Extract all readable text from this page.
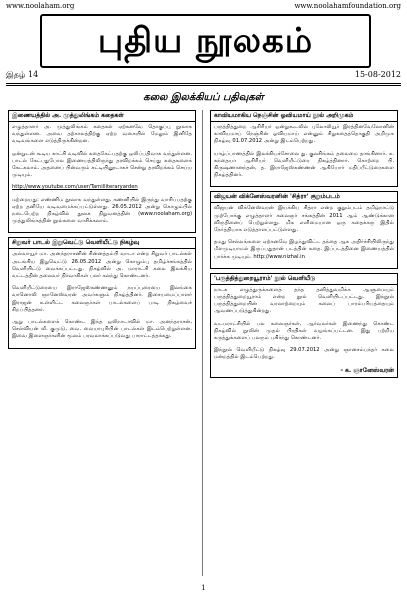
www.noolaham.org	www.noolahamfoundation.org
புதிய நூலகம்
இதழ் 14	15-08-2012
கலை இலக்கியப் பதிவுகள்
இணையத்தில் அ. முத்துலிங்கம் கதைகள்

எழுத்தாளர் அ. முத்துலிங்கம் கதைகள் ஏற்கனவே தொகுப்பு நூலாக வந்துள்ளன. அவை தற்காலத்திற்கு ஏற்ற வகையில் மேலும் இனிதே வடிவங்களை எடுத்திருக்கின்றன.

ஒன்றுடன் கூடிய காட்சி வடிவில் கதைகேட்பதற்கு ஒலிப்பதிவாக வந்துள்ளன. பாடல் கேட்பதுபோல இணையத்திலிருந்து தரவிறக்கம் செய்து கதைகளைக் கேட்கலாம். அதனைப் பின்வரும் சுட்டியினூடாகச் சென்று தரவிறக்கம் செய்ய முடியும்.

http://www.youtube.com/user/Tamilliteraryarden

மற்றையது: எண்ணிம நூலாக வந்துள்ளது. கணனியில் இருந்து வாசிப்பதற்கு ஏற்ற தனியே வடிவமைக்கப்பட்டுள்ளது. 26.05.2012 அன்று கொழும்பில் நடைபெற்ற நிகழ்வில் நூலக நிறுவனத்தின் (www.noolaham.org) முத்துலிங்கத்தின் நூல்களை வாசிக்கலாம்.

சிறுவர் பாடல் இறுவெட்டு வெளியீட்டு நிகழ்வு

அல்வாயூர் மா. அனந்தராசனின் சின்னத்தம்பி வாடா என்ற சிறுவர் பாடல்கள் அடங்கிய இறுவெட்டு 26.05.2012 அன்று கொழும்பு தமிழ்ச்சங்கத்தில் வெளியிட்டு வைக்கப்பட்டது. நிகழ்வில் அ. மாராட்சி கலை இலக்கிய வட்டத்தின் தலைவர் நிர்வாகிகள் பலர் கலந்து கொண்டனர்.

வெளியீட்டுரையை இராஜேஸ்கண்ணனும் நயப்புரையை இலங்கை வானொலி ஞானேஸ்வரன் அவர்களும் நிகழ்த்தினர். இசையமைப்பாளர் இராஜன் உள்ளிட்ட கலைஞர்கள் பாடல்களைப் பாடி நிகழ்வைச் சிறப்பித்தனர்.

ஆறு பாடல்களைக் கொண்ட இந்த ஒலிநாடாவில் மா. அனந்தராசன், செல்வியன் வீ. குமுடு, வை. வையாபுரியின் பாடல்கள் இடம்பெற்றுள்ளன. இவை இளைஞர்களின் மூலம் பரவலாக்கப்படுவது பாராட்டத்தக்கது.

காவியமாகிய நெஞ்சின் ஓவியமாய் நூல் அறிமுகம்

பருத்தித்துறை ஆசிரியர் ஒன்றுகூடலில் புலோலியூர் இரத்தினவேலோனின் காவியமாய் நெஞ்சின் ஓவியமாய் என்னும் சிறுகதைத்தொகுதி அறிமுக நிகழ்வு 01.07.2012 அன்று இடம்பெற்றது.

யாழ்ப்பாணத்தில் இலக்கியச்சோலை து. குலசிங்கம் தலைமை தாங்கினார். சு. கந்தையா ஆசிரியர் வெளியீட்டுரை நிகழ்த்தினார். கொற்றை பி. கிருஷ்ணானந்தன், த. இராஜேஸ்கண்ணன் ஆகியோர் மதிப்பீட்டுரைகளை நிகழ்த்தினர்.

விஜயன் விக்னேஸ்வரனின் 'சித்ரா' குறும்படம்

விஜயன் விக்னேஸ்வரன் இயக்கிய சித்ரா என்ற குறும்படம் தமிழ்நாட்டு முற்போக்கு எழுத்தாளர் கலைஞர் சங்கத்தின் 2011 ஆம் ஆண்டுக்கான விருதினைப் பெற்றுள்ளது. மிக எளிமையான ஒரு கதைக்கரு இதில் நேர்த்தியாக எடுத்தாளப்பட்டுள்ளது.

தமது செல்லங்களை ஏற்கனவே இழந்துவிட்ட தந்தை ஆக அதிர்ச்சியிலிருந்து மீளமுடியாமல் இருப்பதுதான் படத்தின் கதை. இப்படத்தினை இணையத்தில் பார்க்க முடியும். http://www.nizhal.in

'பருத்தித்துறையூராம்' நூல் வெளியீடு

நாடக எழுத்துருக்களைத் தந்த தனித்துவமிக்க ஆளுமையும் பருத்தித்துறையூராம் என்ற நூல் வெளியிடப்பட்டது. இந்நூல் பருத்தித்துறையின் வரலாற்றையும் கலைப் பாரம்பரியத்தையும் ஆவணப்படுத்துகின்றது.

வடமராட்சியில் பல கலைஞர்கள், ஆர்வலர்கள் இணைந்து கொண்ட நிகழ்வில் நூலின் முதல் பிரதிகள் வழங்கப்பட்டன. இது பற்றிய கருத்துக்களைப் பலரும் பகிர்ந்து கொண்டனர்.

இந்நூல் வெளியீட்டு நிகழ்வு 29.07.2012 அன்று ஞானசம்பந்தர் கலை மன்றத்தில் இடம்பெற்றது.

- க. ஞானேஸ்வரன்
1
